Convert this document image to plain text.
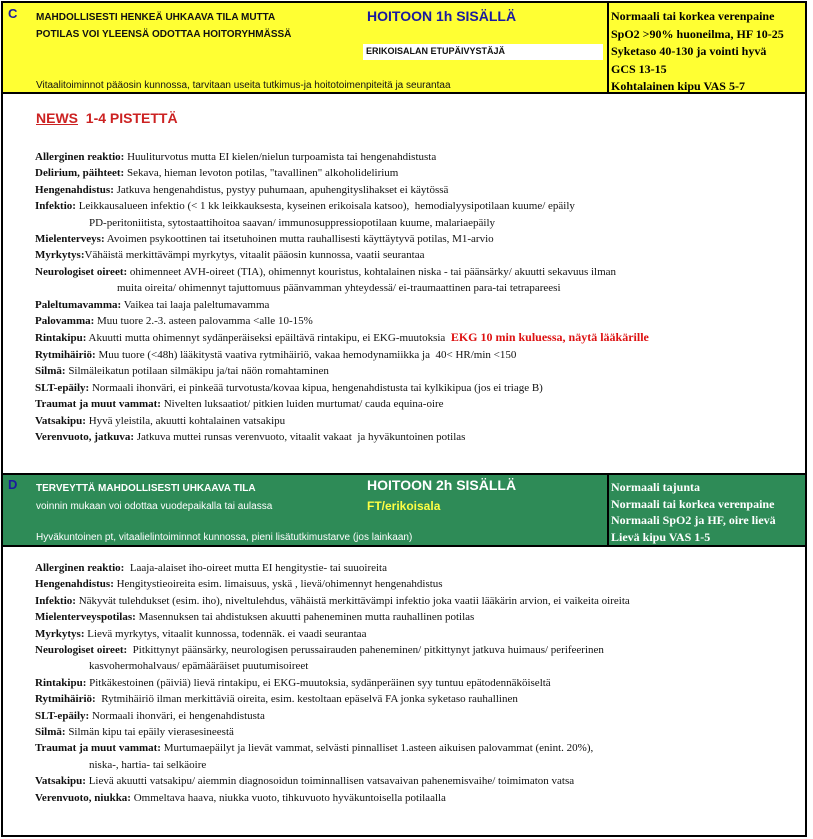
C MAHDOLLISESTI HENKEÄ UHKAAVA TILA MUTTA
POTILAS VOI YLEENSÄ ODOTTAA HOITORYHMÄSSÄ
HOITOON 1h SISÄLLÄ
ERIKOISALAN ETUPÄIVYSTÄJÄ
Vitaalitoiminnot pääosin kunnossa, tarvitaan useita tutkimus-ja hoitotoimenpiteitä ja seurantaa
Normaali tai korkea verenpaine
SpO2 >90% huoneilma, HF 10-25
Syketaso 40-130 ja vointi hyvä
GCS 13-15
Kohtalainen kipu VAS 5-7
NEWS 1-4 PISTETTÄ
Allerginen reaktio: Huuliturvotus mutta EI kielen/nielun turpoamista tai hengenahdistusta
Delirium, päihteet: Sekava, hieman levoton potilas, "tavallinen" alkoholidelirium
Hengenahdistus: Jatkuva hengenahdistus, pystyy puhumaan, apuhengityslihakset ei käytössä
Infektio: Leikkausalueen infektio (< 1 kk leikkauksesta, kyseinen erikoisala katsoo),  hemodialyysipotilaan kuume/ epäily
PD-peritoniitista, sytostaattihoitoa saavan/ immunosuppressiopotilaan kuume, malariaepäily
Mielenterveys: Avoimen psykoottinen tai itsetuhoinen mutta rauhallisesti käyttäytyvä potilas, M1-arvio
Myrkytys:Vähäistä merkittävämpi myrkytys, vitaalit pääosin kunnossa, vaatii seurantaa
Neurologiset oireet: ohimenneet AVH-oireet (TIA), ohimennyt kouristus, kohtalainen niska - tai päänsärky/ akuutti sekavuus ilman
muita oireita/ ohimennyt tajuttomuus päänvamman yhteydessä/ ei-traumaattinen para-tai tetrapareesi
Paleltumavamma: Vaikea tai laaja paleltumavamma
Palovamma: Muu tuore 2.-3. asteen palovamma <alle 10-15%
Rintakipu: Akuutti mutta ohimennyt sydänperäiseksi epäiltävä rintakipu, ei EKG-muutoksia  EKG 10 min kuluessa, näytä lääkärille
Rytmihäiriö: Muu tuore (<48h) lääkitystä vaativa rytmihäiriö, vakaa hemodynamiikka ja  40< HR/min <150
Silmä: Silmäleikatun potilaan silmäkipu ja/tai näön romahtaminen
SLT-epäily: Normaali ihonväri, ei pinkeää turvotusta/kovaa kipua, hengenahdistusta tai kylkikipua (jos ei triage B)
Traumat ja muut vammat: Nivelten luksaatiot/ pitkien luiden murtumat/ cauda equina-oire
Vatsakipu: Hyvä yleistila, akuutti kohtalainen vatsakipu
Verenvuoto, jatkuva: Jatkuva muttei runsas verenvuoto, vitaalit vakaat  ja hyväkuntoinen potilas
D TERVEYTTÄ MAHDOLLISESTI UHKAAVA TILA
voinnin mukaan voi odottaa vuodepaikalla tai aulassa
HOITOON 2h SISÄLLÄ
FT/erikoisala
Hyväkuntoinen pt, vitaalielintoiminnot kunnossa, pieni lisätutkimustarve (jos lainkaan)
Normaali tajunta
Normaali tai korkea verenpaine
Normaali SpO2 ja HF, oire lievä
Lievä kipu VAS 1-5
Allerginen reaktio:  Laaja-alaiset iho-oireet mutta EI hengitystie- tai suuoireita
Hengenahdistus: Hengitystieoireita esim. limaisuus, yskä , lievä/ohimennyt hengenahdistus
Infektio: Näkyvät tulehdukset (esim. iho), niveltulehdus, vähäistä merkittävämpi infektio joka vaatii lääkärin arvion, ei vaikeita oireita
Mielenterveyspotilas: Masennuksen tai ahdistuksen akuutti paheneminen mutta rauhallinen potilas
Myrkytys: Lievä myrkytys, vitaalit kunnossa, todennäk. ei vaadi seurantaa
Neurologiset oireet:  Pitkittynyt päänsärky, neurologisen perussairauden paheneminen/ pitkittynyt jatkuva huimaus/ perifeerinen
kasvohermohalvaus/ epämääräiset puutumisoireet
Rintakipu: Pitkäkestoinen (päiviä) lievä rintakipu, ei EKG-muutoksia, sydänperäinen syy tuntuu epätodennäköiseltä
Rytmihäiriö:  Rytmihäiriö ilman merkittäviä oireita, esim. kestoltaan epäselvä FA jonka syketaso rauhallinen
SLT-epäily: Normaali ihonväri, ei hengenahdistusta
Silmä: Silmän kipu tai epäily vierasesineestä
Traumat ja muut vammat: Murtumaepäilyt ja lievät vammat, selvästi pinnalliset 1.asteen aikuisen palovammat (enint. 20%),
niska-, hartia- tai selkäoire
Vatsakipu: Lievä akuutti vatsakipu/ aiemmin diagnosoidun toiminnallisen vatsavaivan pahenemisvaihe/ toimimaton vatsa
Verenvuoto, niukka: Ommeltava haava, niukka vuoto, tihkuvuoto hyväkuntoisella potilaalla
